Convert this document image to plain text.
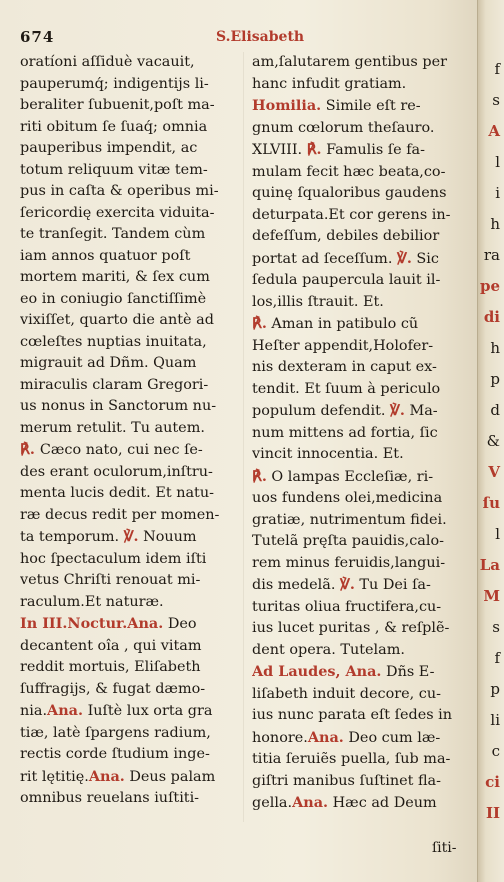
674	S.Elisabeth
oratíoni aſſiduè vacauit,
pauperumq́; indigentijs li-
beraliter ſubuenit,poſt ma-
riti obitum ſe ſuaq́; omnia
pauperibus impendit, ac
totum reliquum vitæ tem-
pus in caſta & operibus mi-
ſericordię exercita viduita-
te tranſegit. Tandem cùm
iam annos quatuor poſt
mortem mariti, & ſex cum
eo in coniugio ſanctiſſimè
vixiſſet, quarto die antè ad
cœleſtes nuptias inuitata,
migrauit ad Dñm. Quam
miraculis claram Gregori-
us nonus in Sanctorum nu-
merum retulit. Tu autem.
℟. Cæco nato, cui nec ſe-
des erant oculorum,inſtru-
menta lucis dedit. Et natu-
ræ decus redit per momen-
ta temporum. ℣. Nouum
hoc ſpectaculum idem iſti
vetus Chriſti renouat mi-
raculum.Et naturæ.
In III.Noctur.Ana. Deo
decantent oîa , qui vitam
reddit mortuis, Eliſabeth
ſuffragijs, & fugat dæmo-
nia.Ana. Iuſtè lux orta gra
tiæ, latè ſpargens radium,
rectis corde ſtudium inge-
rit lętitię.Ana. Deus palam
omnibus reuelans iuſtiti-
am,ſalutarem gentibus per
hanc infudit gratiam.
Homilia. Simile eſt re-
gnum cœlorum theſauro.
XLVIII. ℟. Famulis ſe fa-
mulam fecit hæc beata,co-
quinę ſqualoribus gaudens
deturpata.Et cor gerens in-
defeſſum, debiles debilior
portat ad ſeceſſum. ℣. Sic
ſedula paupercula lauit il-
los,illis ſtrauit. Et.
℟. Aman in patibulo cũ
Heſter appendit,Holofer-
nis dexteram in caput ex-
tendit. Et ſuum à periculo
populum defendit. ℣. Ma-
num mittens ad fortia, ſic
vincit innocentia. Et.
℟. O lampas Eccleſiæ, ri-
uos fundens olei,medicina
gratiæ, nutrimentum fidei.
Tutelã pręſta pauidis,calo-
rem minus feruidis,langui-
dis medelã. ℣. Tu Dei ſa-
turitas oliua fructifera,cu-
ius lucet puritas , & reſplẽ-
dent opera. Tutelam.
Ad Laudes, Ana. Dñs E-
liſabeth induit decore, cu-
ius nunc parata eſt ſedes in
honore.Ana. Deo cum læ-
titia ſeruiẽs puella, ſub ma-
giſtri manibus ſuſtinet fla-
gella.Ana. Hæc ad Deum
ſiti-
f
s
A
l
i
h
ra
pe
di
h
p
d
&
V
ſu
l
La
M
s
f
p
li
c
ci
II
